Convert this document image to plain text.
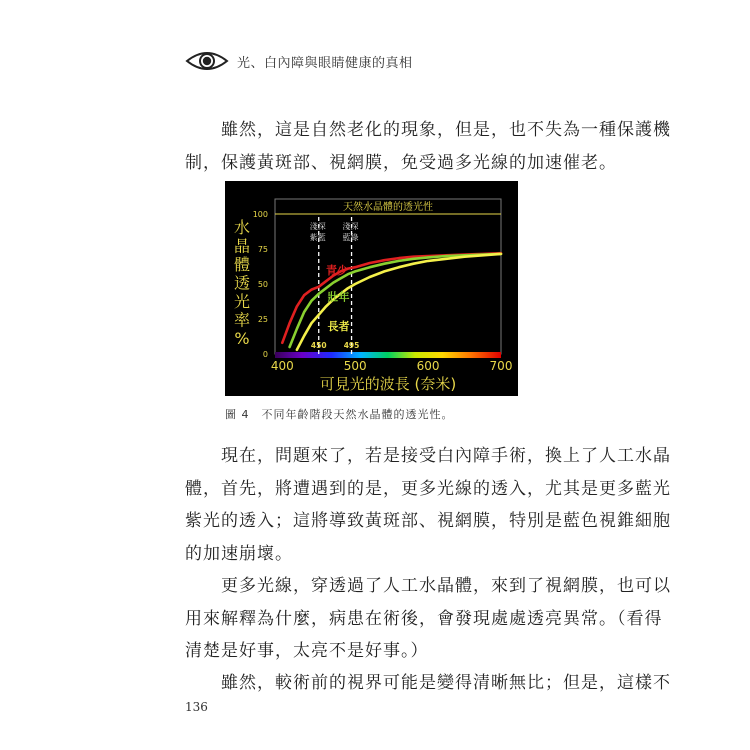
光、白內障與眼睛健康的真相

　　雖然，這是自然老化的現象，但是，也不失為一種保護機
制，保護黃斑部、視網膜，免受過多光線的加速催老。

天然水晶體的透光性
0
25
50
75
100
水
晶
體
透
光
率
%
400	500	600	700
可見光的波長 (奈米)
450
淺深
紫藍
495
淺深
藍綠
青少
壯年
長者
圖 4 不同年齡階段天然水晶體的透光性。

　　現在，問題來了，若是接受白內障手術，換上了人工水晶
體，首先，將遭遇到的是，更多光線的透入，尤其是更多藍光
紫光的透入；這將導致黃斑部、視網膜，特別是藍色視錐細胞
的加速崩壞。

　　更多光線，穿透過了人工水晶體，來到了視網膜，也可以
用來解釋為什麼，病患在術後，會發現處處透亮異常。（看得
清楚是好事，太亮不是好事。）

　　雖然，較術前的視界可能是變得清晰無比；但是，這樣不

136
